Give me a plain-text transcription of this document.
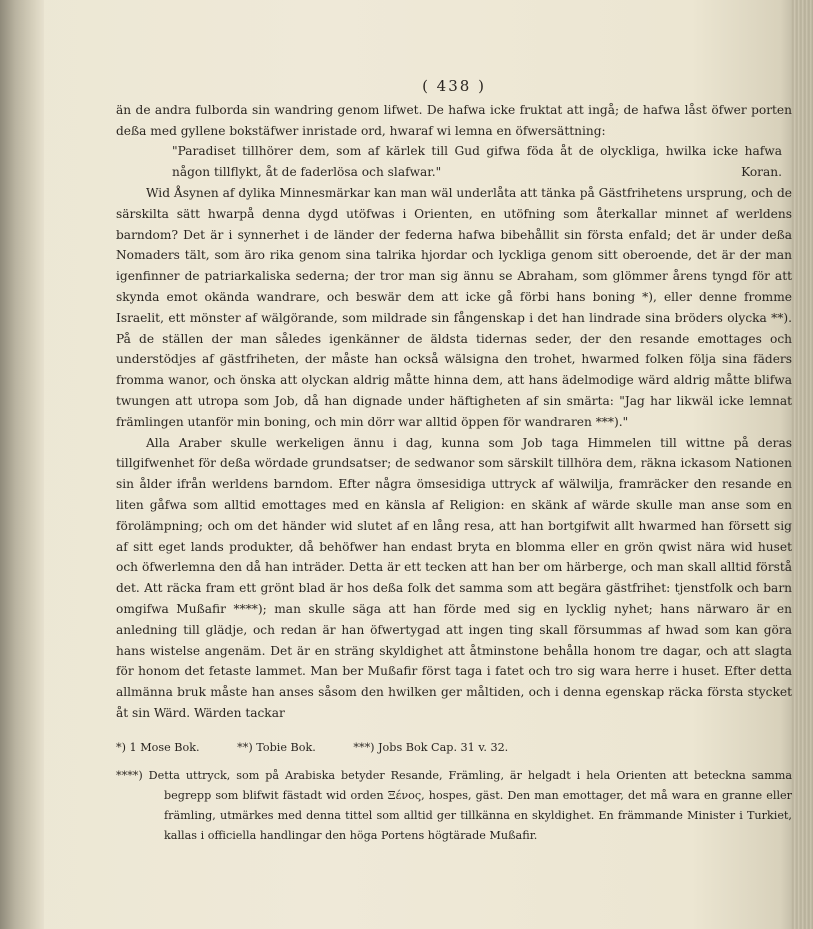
( 438 )

än de andra fulborda sin wandring genom lifwet. De hafwa icke fruktat att ingå; de hafwa låst öfwer porten deßa med gyllene bokstäfwer inristade ord, hwaraf wi lemna en öfwersättning:

"Paradiset tillhörer dem, som af kärlek till Gud gifwa föda åt de olyckliga, hwilka icke hafwa någon tillflykt, åt de faderlösa och slafwar."	Koran.

Wid Åsynen af dylika Minnesmärkar kan man wäl underlåta att tänka på Gästfrihetens ursprung, och de särskilta sätt hwarpå denna dygd utöfwas i Orienten, en utöfning som återkallar minnet af werldens barndom? Det är i synnerhet i de länder der federna hafwa bibehållit sin första enfald; det är under deßa Nomaders tält, som äro rika genom sina talrika hjordar och lyckliga genom sitt oberoende, det är der man igenfinner de patriarkaliska sederna; der tror man sig ännu se Abraham, som glömmer årens tyngd för att skynda emot okända wandrare, och beswär dem att icke gå förbi hans boning *), eller denne fromme Israelit, ett mönster af wälgörande, som mildrade sin fångenskap i det han lindrade sina bröders olycka **). På de ställen der man således igenkänner de äldsta tidernas seder, der den resande emottages och understödjes af gästfriheten, der måste han också wälsigna den trohet, hwarmed folken följa sina fäders fromma wanor, och önska att olyckan aldrig måtte hinna dem, att hans ädelmodige wärd aldrig måtte blifwa twungen att utropa som Job, då han dignade under häftigheten af sin smärta: "Jag har likwäl icke lemnat främlingen utanför min boning, och min dörr war alltid öppen för wandraren ***)."

Alla Araber skulle werkeligen ännu i dag, kunna som Job taga Himmelen till wittne på deras tillgifwenhet för deßa wördade grundsatser; de sedwanor som särskilt tillhöra dem, räkna ickasom Nationen sin ålder ifrån werldens barndom. Efter några ömsesidiga uttryck af wälwilja, framräcker den resande en liten gåfwa som alltid emottages med en känsla af Religion: en skänk af wärde skulle man anse som en förolämpning; och om det händer wid slutet af en lång resa, att han bortgifwit allt hwarmed han försett sig af sitt eget lands produkter, då behöfwer han endast bryta en blomma eller en grön qwist nära wid huset och öfwerlemna den då han inträder. Detta är ett tecken att han ber om härberge, och man skall alltid förstå det. Att räcka fram ett grönt blad är hos deßa folk det samma som att begära gästfrihet: tjenstfolk och barn omgifwa Mußafir ****); man skulle säga att han förde med sig en lycklig nyhet; hans närwaro är en anledning till glädje, och redan är han öfwertygad att ingen ting skall försummas af hwad som kan göra hans wistelse angenäm. Det är en sträng skyldighet att åtminstone behålla honom tre dagar, och att slagta för honom det fetaste lammet. Man ber Mußafir först taga i fatet och tro sig wara herre i huset. Efter detta allmänna bruk måste han anses såsom den hwilken ger måltiden, och i denna egenskap räcka första stycket åt sin Wärd. Wärden tackar

*) 1 Mose Bok.	**) Tobie Bok.	***) Jobs Bok Cap. 31 v. 32.

****) Detta uttryck, som på Arabiska betyder Resande, Främling, är helgadt i hela Orienten att beteckna samma begrepp som blifwit fästadt wid orden Ξένος, hospes, gäst. Den man emottager, det må wara en granne eller främling, utmärkes med denna tittel som alltid ger tillkänna en skyldighet. En främmande Minister i Turkiet, kallas i officiella handlingar den höga Portens högtärade Mußafir.
